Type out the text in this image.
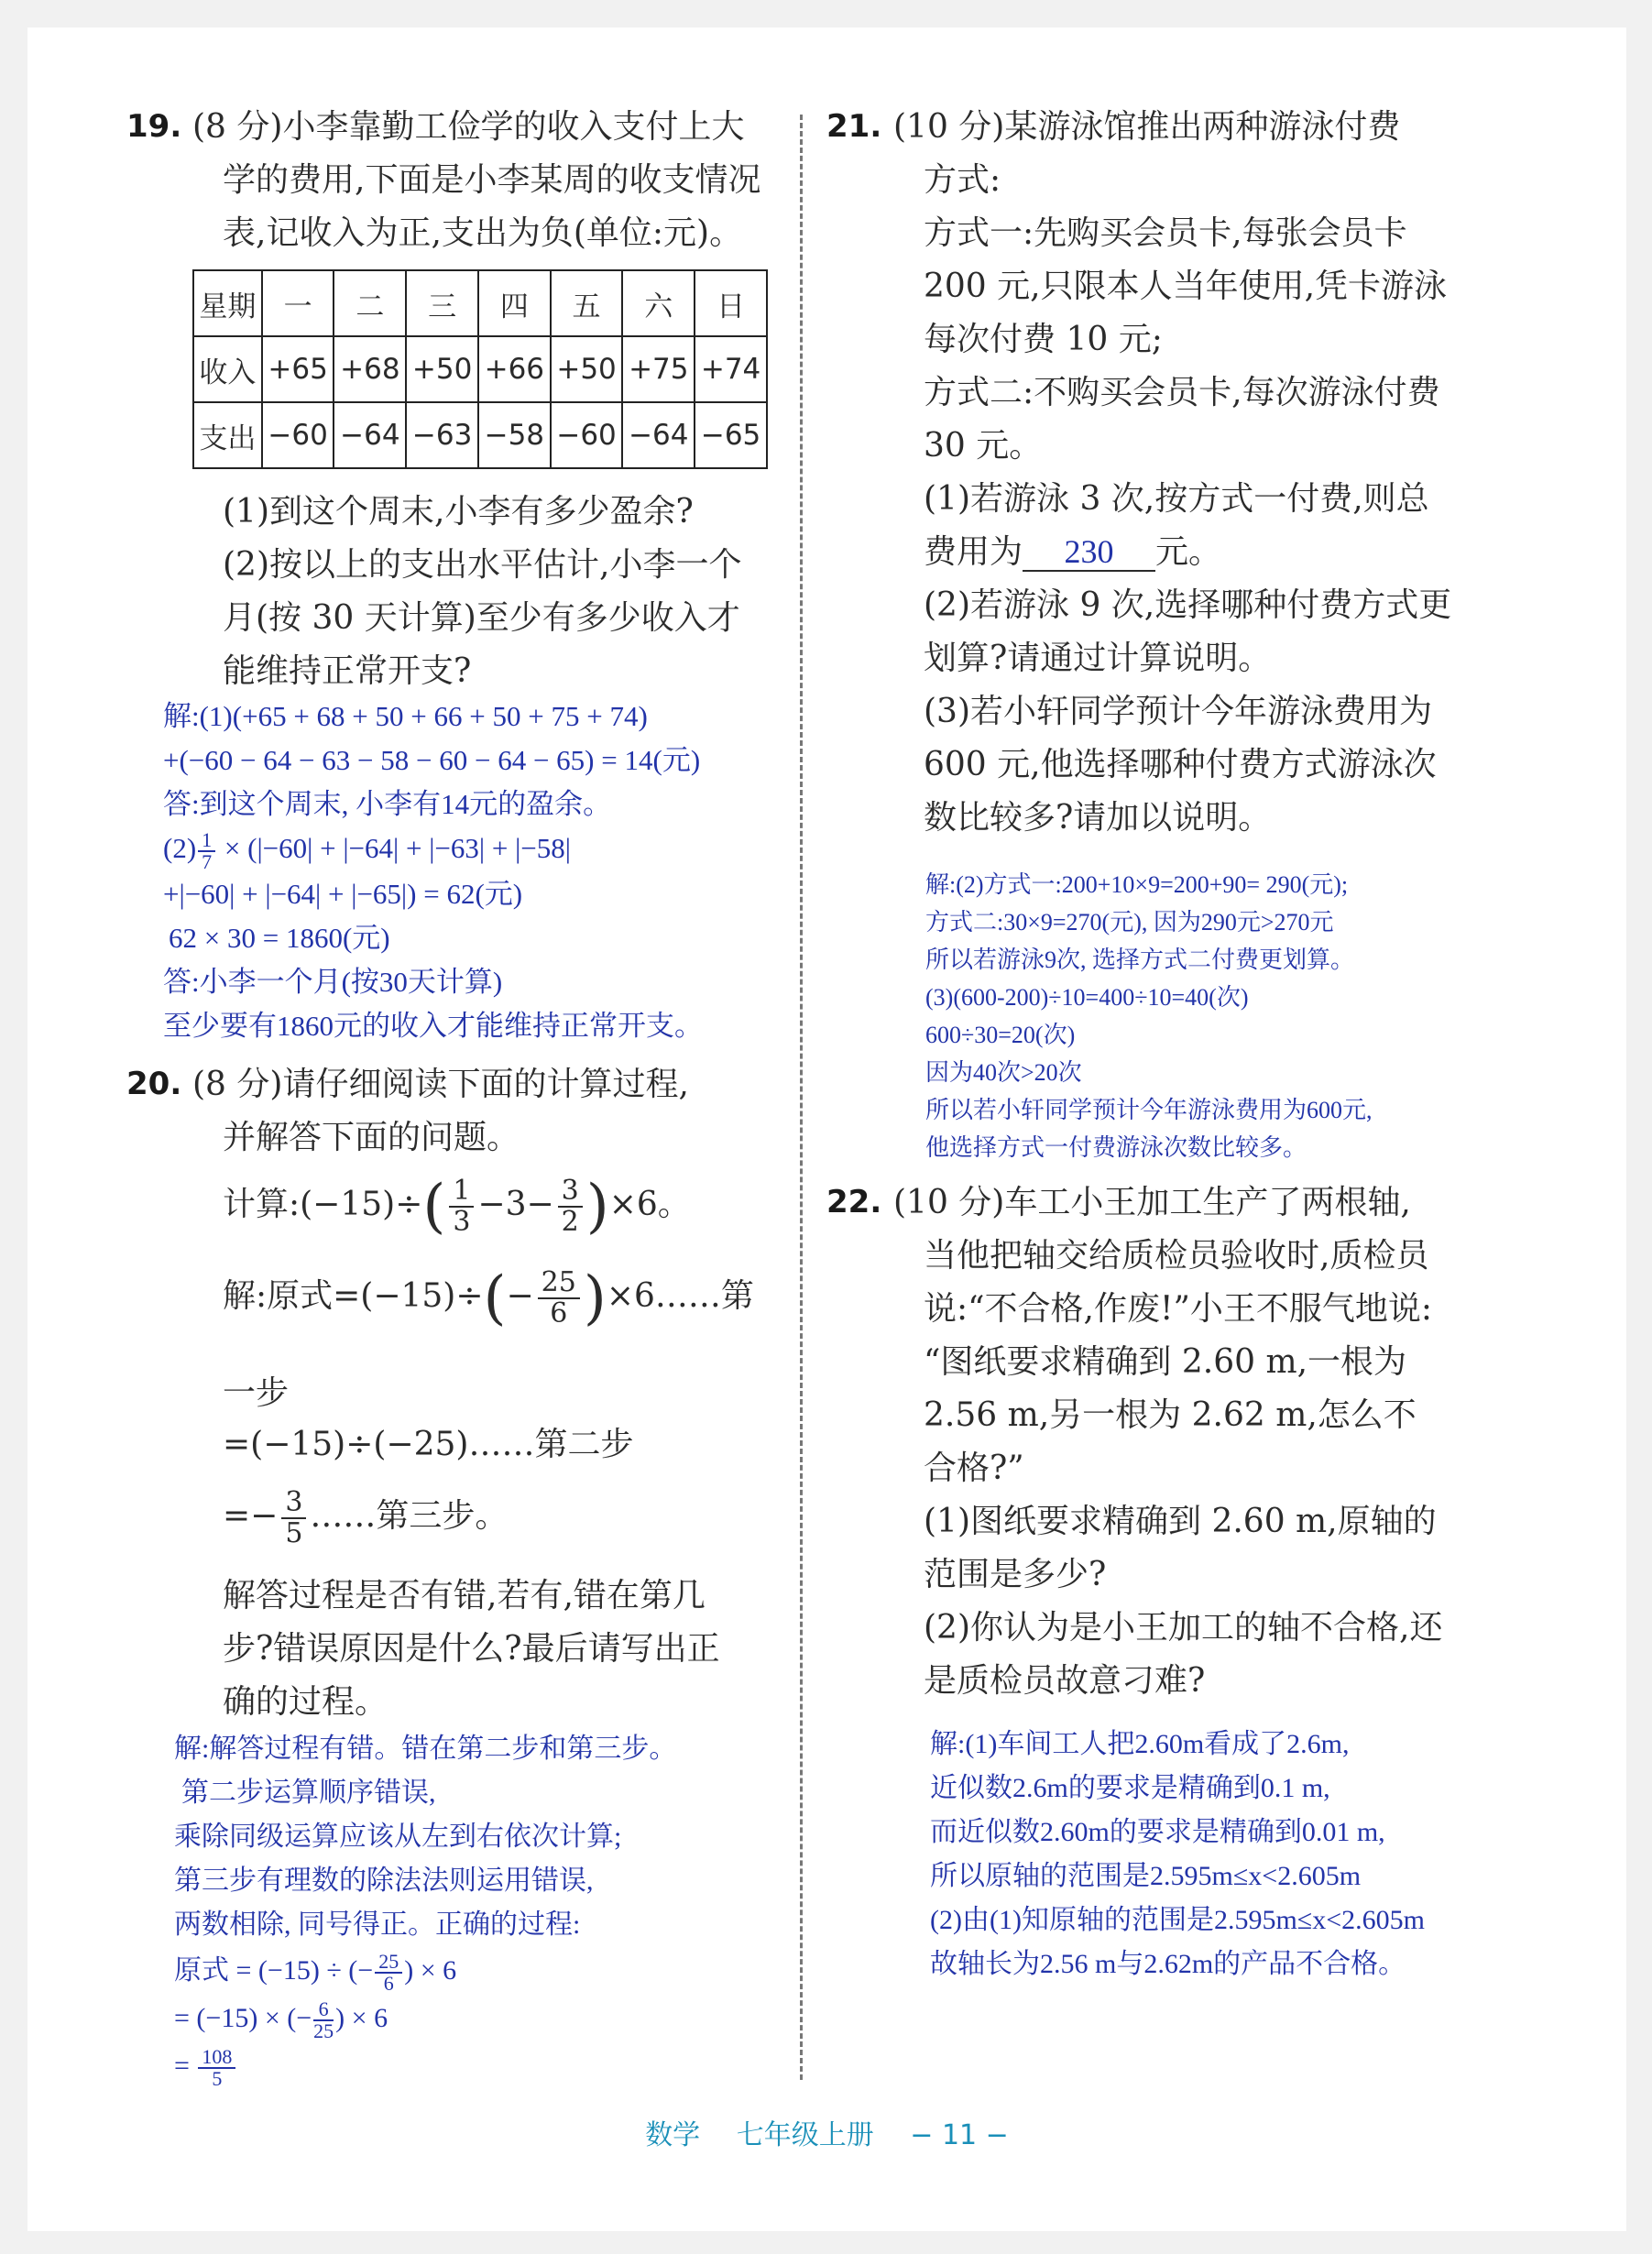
19. (8 分)小李靠勤工俭学的收入支付上大
学的费用,下面是小李某周的收支情况
表,记收入为正,支出为负(单位:元)。
星期	一	二	三	四	五	六	日
收入	+65	+68	+50	+66	+50	+75	+74
支出	−60	−64	−63	−58	−60	−64	−65
(1)到这个周末,小李有多少盈余?
(2)按以上的支出水平估计,小李一个
月(按 30 天计算)至少有多少收入才
能维持正常开支?
解:(1)(+65 + 68 + 50 + 66 + 50 + 75 + 74)
+(−60 − 64 − 63 − 58 − 60 − 64 − 65) = 14(元)
答:到这个周末, 小李有14元的盈余。
$(2) \frac{1}{7} \times (|-60| + |-64| + |-63| + |-58|$
+|−60| + |−64| + |−65|) = 62(元)
62 × 30 = 1860(元)
答:小李一个月(按30天计算)
至少要有1860元的收入才能维持正常开支。
20. (8 分)请仔细阅读下面的计算过程,
并解答下面的问题。
计算:(−15)÷( $\frac{1}{3} -3- \frac{3}{2} )\times 6$。
解:原式$=(-15)\div(- \frac{25}{6}$ )×6……第
一步
=(−15)÷(−25)……第二步
=− $\frac{3}{5}$ ……第三步。
解答过程是否有错,若有,错在第几
步?错误原因是什么?最后请写出正
确的过程。
解:解答过程有错。错在第二步和第三步。
第二步运算顺序错误,
乘除同级运算应该从左到右依次计算;
第三步有理数的除法法则运用错误,
两数相除, 同号得正。正确的过程:
原式 = (−15) ÷ (− $\frac{25}{6}$ ) × 6
= (−15) × (− $\frac{6}{25}$ ) × 6
= $\frac{108}{5}$
21. (10 分)某游泳馆推出两种游泳付费
方式:
方式一:先购买会员卡,每张会员卡
200 元,只限本人当年使用,凭卡游泳
每次付费 10 元;
方式二:不购买会员卡,每次游泳付费
30 元。
(1)若游泳 3 次,按方式一付费,则总
费用为 230 元。
(2)若游泳 9 次,选择哪种付费方式更
划算?请通过计算说明。
(3)若小轩同学预计今年游泳费用为
600 元,他选择哪种付费方式游泳次
数比较多?请加以说明。
解:(2)方式一:200+10×9=200+90= 290(元);
方式二:30×9=270(元), 因为290元>270元
所以若游泳9次, 选择方式二付费更划算。
(3)(600-200)÷10=400÷10=40(次)
600÷30=20(次)
因为40次>20次
所以若小轩同学预计今年游泳费用为600元,
他选择方式一付费游泳次数比较多。
22. (10 分)车工小王加工生产了两根轴,
当他把轴交给质检员验收时,质检员
说:“不合格,作废!”小王不服气地说:
“图纸要求精确到 2.60 m,一根为
2.56 m,另一根为 2.62 m,怎么不
合格?”
(1)图纸要求精确到 2.60 m,原轴的
范围是多少?
(2)你认为是小王加工的轴不合格,还
是质检员故意刁难?
解:(1)车间工人把2.60m看成了2.6m,
近似数2.6m的要求是精确到0.1 m,
而近似数2.60m的要求是精确到0.01 m,
所以原轴的范围是2.595m≤x<2.605m
(2)由(1)知原轴的范围是2.595m≤x<2.605m
故轴长为2.56 m与2.62m的产品不合格。
数学 七年级上册 − 11 −
